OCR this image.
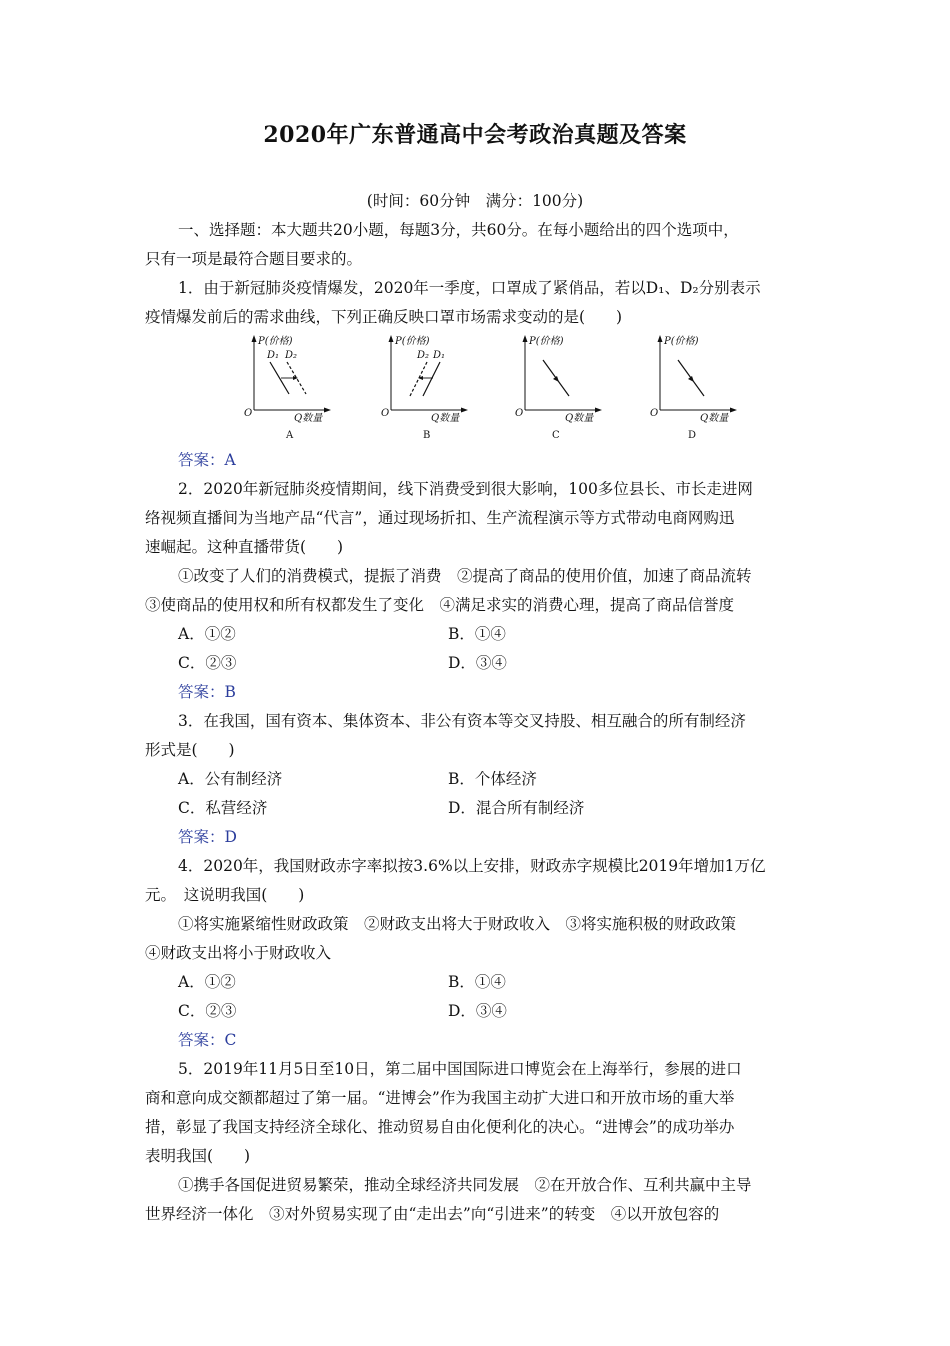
2020年广东普通高中会考政治真题及答案
(时间：60分钟　满分：100分)
一、选择题：本大题共20小题，每题3分，共60分。在每小题给出的四个选项中，
只有一项是最符合题目要求的。
1．由于新冠肺炎疫情爆发，2020年一季度，口罩成了紧俏品，若以D₁、D₂分别表示
疫情爆发前后的需求曲线，下列正确反映口罩市场需求变动的是(　　)
P(价格)
O	Q数量
D₁ D₂
A
P(价格)
O	Q数量
D₂ D₁
B
P(价格)
O	Q数量
C
P(价格)
O	Q数量
D
答案：A
2．2020年新冠肺炎疫情期间，线下消费受到很大影响，100多位县长、市长走进网
络视频直播间为当地产品“代言”，通过现场折扣、生产流程演示等方式带动电商网购迅
速崛起。这种直播带货(　　)
①改变了人们的消费模式，提振了消费　②提高了商品的使用价值，加速了商品流转
③使商品的使用权和所有权都发生了变化　④满足求实的消费心理，提高了商品信誉度
A．①②	B．①④
C．②③	D．③④
答案：B
3．在我国，国有资本、集体资本、非公有资本等交叉持股、相互融合的所有制经济
形式是(　　)
A．公有制经济	B．个体经济
C．私营经济	D．混合所有制经济
答案：D
4．2020年，我国财政赤字率拟按3.6%以上安排，财政赤字规模比2019年增加1万亿
元。　这说明我国(　　)
①将实施紧缩性财政政策　②财政支出将大于财政收入　③将实施积极的财政政策
④财政支出将小于财政收入
A．①②	B．①④
C．②③	D．③④
答案：C
5．2019年11月5日至10日，第二届中国国际进口博览会在上海举行，参展的进口
商和意向成交额都超过了第一届。“进博会”作为我国主动扩大进口和开放市场的重大举
措，彰显了我国支持经济全球化、推动贸易自由化便利化的决心。“进博会”的成功举办
表明我国(　　)
①携手各国促进贸易繁荣，推动全球经济共同发展　②在开放合作、互利共赢中主导
世界经济一体化　③对外贸易实现了由“走出去”向“引进来”的转变　④以开放包容的
